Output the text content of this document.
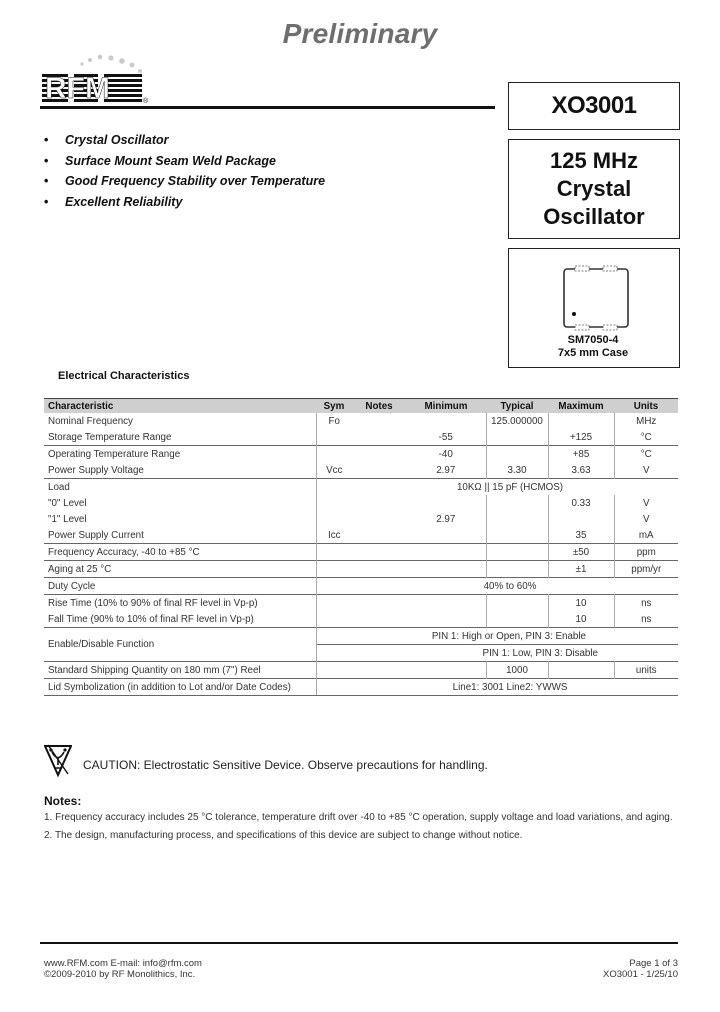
Preliminary
RFM	®	XO3001
125 MHz
Crystal
Oscillator
• Crystal Oscillator
• Surface Mount Seam Weld Package
• Good Frequency Stability over Temperature
• Excellent Reliability
SM7050-4
7x5 mm Case
Electrical Characteristics
Characteristic	Sym	Notes	Minimum	Typical	Maximum	Units
Nominal Frequency	Fo			125.000000		MHz
Storage Temperature Range			-55		+125	°C
Operating Temperature Range			-40		+85	°C
Power Supply Voltage	Vcc		2.97	3.30	3.63	V
Load			10KΩ || 15 pF (HCMOS)			
"0" Level					0.33	V
"1" Level			2.97			V
Power Supply Current	Icc				35	mA
Frequency Accuracy, -40 to +85 °C					±50	ppm
Aging at 25 °C					±1	ppm/yr
Duty Cycle			40% to 60%			
Rise Time (10% to 90% of final RF level in Vp-p)					10	ns
Fall Time (90% to 10% of final RF level in Vp-p)					10	ns
Enable/Disable Function	PIN 1: High or Open, PIN 3: Enable					
	PIN 1: Low, PIN 3: Disable					
Standard Shipping Quantity on 180 mm (7") Reel				1000		units
Lid Symbolization (in addition to Lot and/or Date Codes)			Line1: 3001 Line2: YWWS			
CAUTION: Electrostatic Sensitive Device. Observe precautions for handling.
Notes:
1. Frequency accuracy includes 25 °C tolerance, temperature drift over -40 to +85 °C operation, supply voltage and load variations, and aging.
2. The design, manufacturing process, and specifications of this device are subject to change without notice.
www.RFM.com E-mail: info@rfm.com
©2009-2010 by RF Monolithics, Inc.
Page 1 of 3
XO3001 - 1/25/10
